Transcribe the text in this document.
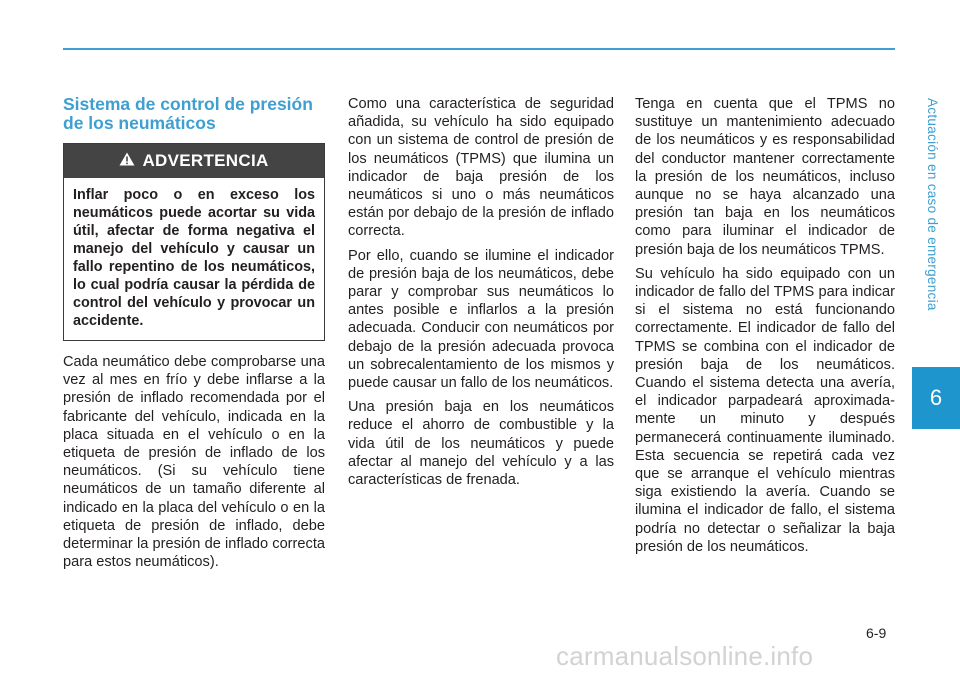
Actuación en caso de emergencia
6
Sistema de control de presión de los neumáticos
ADVERTENCIA
Inflar poco o en exceso los neumáticos puede acortar su vida útil, afectar de forma negativa el manejo del vehículo y causar un fallo repentino de los neumáticos, lo cual podría causar la pérdida de control del vehículo y provocar un accidente.

Cada neumático debe comprobarse una vez al mes en frío y debe inflarse a la presión de inflado recomendada por el fabricante del vehículo, indicada en la placa situada en el vehículo o en la etiqueta de presión de inflado de los neumáticos. (Si su vehículo tiene neumáticos de un tamaño diferente al indicado en la placa del vehículo o en la etiqueta de presión de inflado, debe determinar la presión de inflado correcta para estos neumáticos).

Como una característica de seguridad añadida, su vehículo ha sido equipado con un sistema de control de presión de los neumáticos (TPMS) que ilumina un indicador de baja presión de los neumáticos si uno o más neumáticos están por debajo de la presión de inflado correcta.

Por ello, cuando se ilumine el indicador de presión baja de los neumáticos, debe parar y comprobar sus neumáticos lo antes posible e inflarlos a la presión adecuada. Conducir con neumáticos por debajo de la presión adecuada provoca un sobrecalentamiento de los mismos y puede causar un fallo de los neumáticos.

Una presión baja en los neumáticos reduce el ahorro de combustible y la vida útil de los neumáticos y puede afectar al manejo del vehículo y a las características de frenada.

Tenga en cuenta que el TPMS no sustituye un mantenimiento adecuado de los neumáticos y es responsabilidad del conductor mantener correctamente la presión de los neumáticos, incluso aunque no se haya alcanzado una presión tan baja en los neumáticos como para iluminar el indicador de presión baja de los neumáticos TPMS.

Su vehículo ha sido equipado con un indicador de fallo del TPMS para indicar si el sistema no está funcionando correctamente. El indicador de fallo del TPMS se combina con el indicador de presión baja de los neumáticos. Cuando el sistema detecta una avería, el indicador parpadeará aproximada-mente un minuto y después permanecerá continuamente iluminado. Esta secuencia se repetirá cada vez que se arranque el vehículo mientras siga existiendo la avería. Cuando se ilumina el indicador de fallo, el sistema podría no detectar o señalizar la baja presión de los neumáticos.

6-9
carmanualsonline.info
